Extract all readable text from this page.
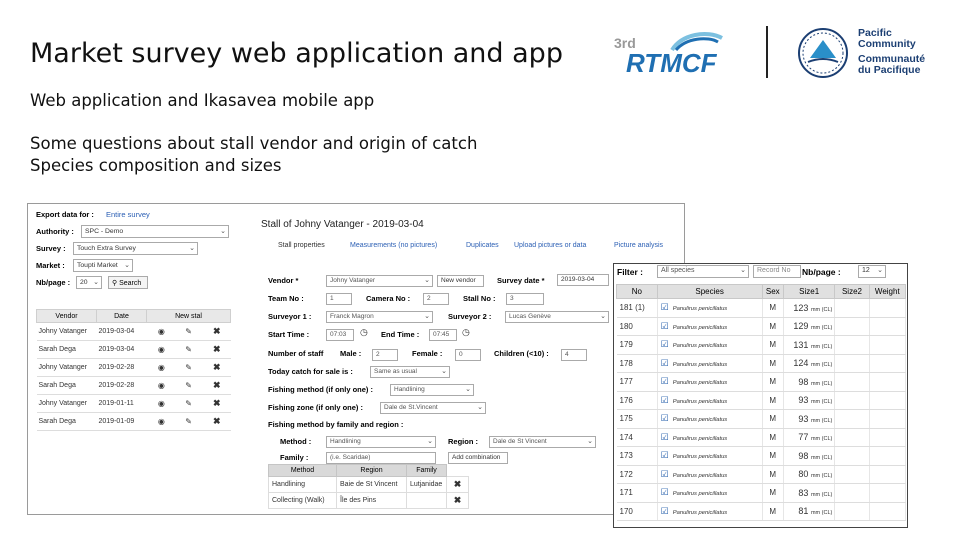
Market survey web application and app
Web application and Ikasavea mobile app
Some questions about stall vendor and origin of catch
Species composition and sizes
3rd
RTMCF
Pacific
Community
Communauté
du Pacifique
Export data for : Entire survey
Authority :	SPC - Demo	⌄
Survey :	Touch Extra Survey	⌄
Market :	Toupti Market ⌄
Nb/page :	20 ⌄	⚲ Search
Vendor	Date	New stal		
Johny Vatanger	2019-03-04	◉	✎	✖
Sarah Dega	2019-03-04	◉	✎	✖
Johny Vatanger	2019-02-28	◉	✎	✖
Sarah Dega	2019-02-28	◉	✎	✖
Johny Vatanger	2019-01-11	◉	✎	✖
Sarah Dega	2019-01-09	◉	✎	✖
Stall of Johny Vatanger - 2019-03-04
Stall properties	Measurements (no pictures)	Duplicates Upload pictures or data	Picture analysis
Vendor *	Johny Vatanger	⌄	New vendor	Survey date *	2019-03-04
Team No :	1	Camera No :	2	Stall No :	3
Surveyor 1 :	Franck Magron	⌄ Surveyor 2 :	Lucas Genève	⌄
Start Time :	07:03	◷ End Time :	07:45	◷
Number of staff Male :	2	Female :	0	Children (<10) :	4
Today catch for sale is :	Same as usual	⌄
Fishing method (if only one) :	Handlining	⌄
Fishing zone (if only one) :	Dale de St.Vincent	⌄
Fishing method by family and region :
Method :	Handlining	⌄ Region :	Dale de St Vincent	⌄
Family :	(i.e. Scaridae)	Add combination
Method	Region	Family	
Handlining	Baie de St Vincent	Lutjanidae	✖
Collecting (Walk)	Île des Pins		✖
Filter :	All species	⌄	Record No	Nb/page :	12 ⌄
No	Species	Sex	Size1	Size2	Weight
181 (1)	☑ Panulirus penicillatus	M	123 mm (CL)		
180	☑ Panulirus penicillatus	M	129 mm (CL)		
179	☑ Panulirus penicillatus	M	131 mm (CL)		
178	☑ Panulirus penicillatus	M	124 mm (CL)		
177	☑ Panulirus penicillatus	M	98 mm (CL)		
176	☑ Panulirus penicillatus	M	93 mm (CL)		
175	☑ Panulirus penicillatus	M	93 mm (CL)		
174	☑ Panulirus penicillatus	M	77 mm (CL)		
173	☑ Panulirus penicillatus	M	98 mm (CL)		
172	☑ Panulirus penicillatus	M	80 mm (CL)		
171	☑ Panulirus penicillatus	M	83 mm (CL)		
170	☑ Panulirus penicillatus	M	81 mm (CL)		
